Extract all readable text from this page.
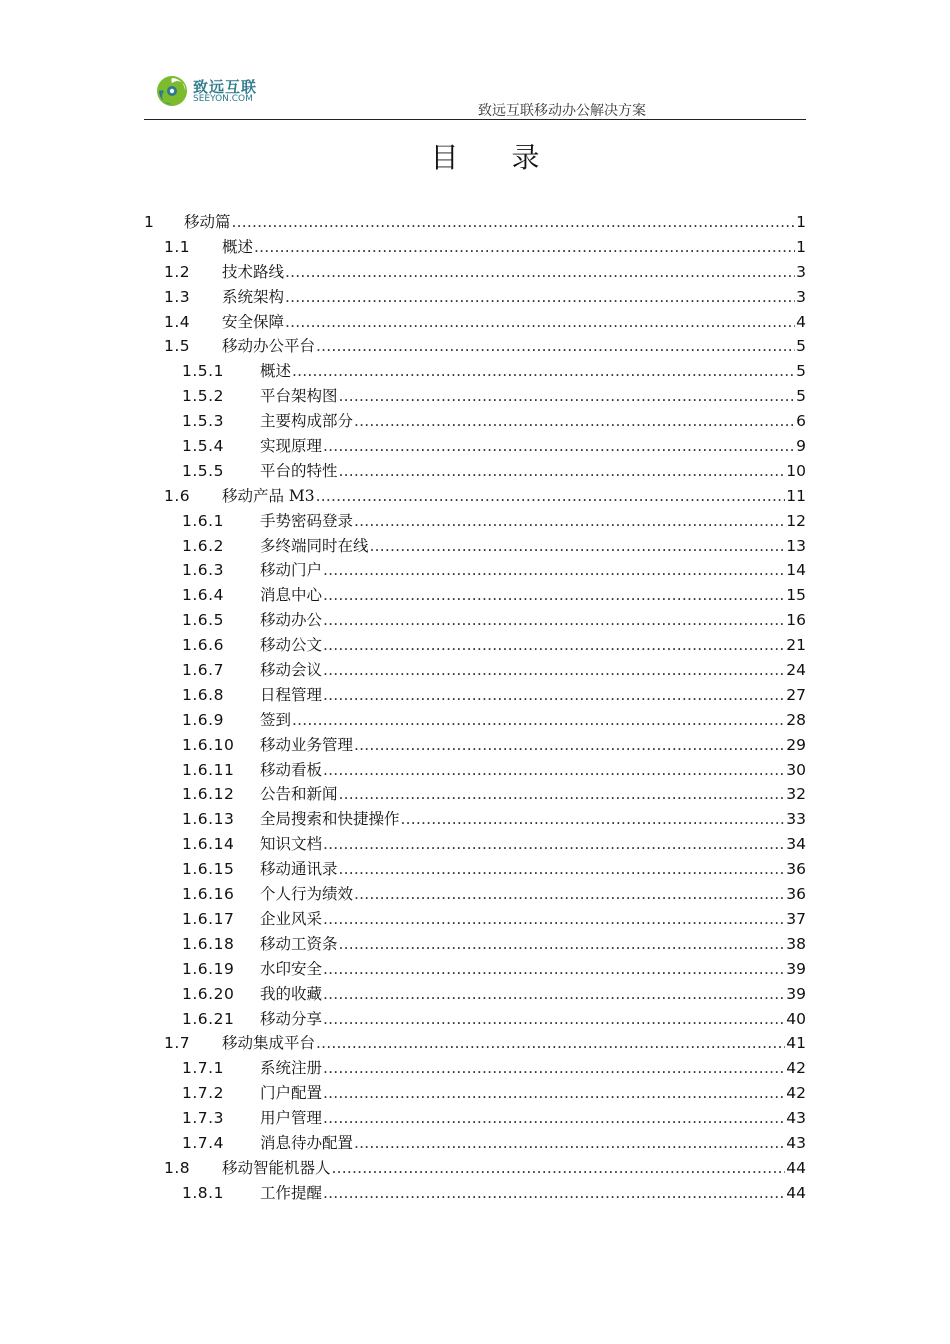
致远互联
SEEYON.COM
致远互联移动办公解决方案
目 录
1	移动篇 .....	1
1.1	概述 .....	1
1.2	技术路线 .....	3
1.3	系统架构 .....	3
1.4	安全保障 .....	4
1.5	移动办公平台 .....	5
1.5.1	概述 .....	5
1.5.2	平台架构图 .....	5
1.5.3	主要构成部分 .....	6
1.5.4	实现原理 .....	9
1.5.5	平台的特性 .....	10
1.6	移动产品 M3 .....	11
1.6.1	手势密码登录 .....	12
1.6.2	多终端同时在线 .....	13
1.6.3	移动门户 .....	14
1.6.4	消息中心 .....	15
1.6.5	移动办公 .....	16
1.6.6	移动公文 .....	21
1.6.7	移动会议 .....	24
1.6.8	日程管理 .....	27
1.6.9	签到 .....	28
1.6.10	移动业务管理 .....	29
1.6.11	移动看板 .....	30
1.6.12	公告和新闻 .....	32
1.6.13	全局搜索和快捷操作 .....	33
1.6.14	知识文档 .....	34
1.6.15	移动通讯录 .....	36
1.6.16	个人行为绩效 .....	36
1.6.17	企业风采 .....	37
1.6.18	移动工资条 .....	38
1.6.19	水印安全 .....	39
1.6.20	我的收藏 .....	39
1.6.21	移动分享 .....	40
1.7	移动集成平台 .....	41
1.7.1	系统注册 .....	42
1.7.2	门户配置 .....	42
1.7.3	用户管理 .....	43
1.7.4	消息待办配置 .....	43
1.8	移动智能机器人 .....	44
1.8.1	工作提醒 .....	44
